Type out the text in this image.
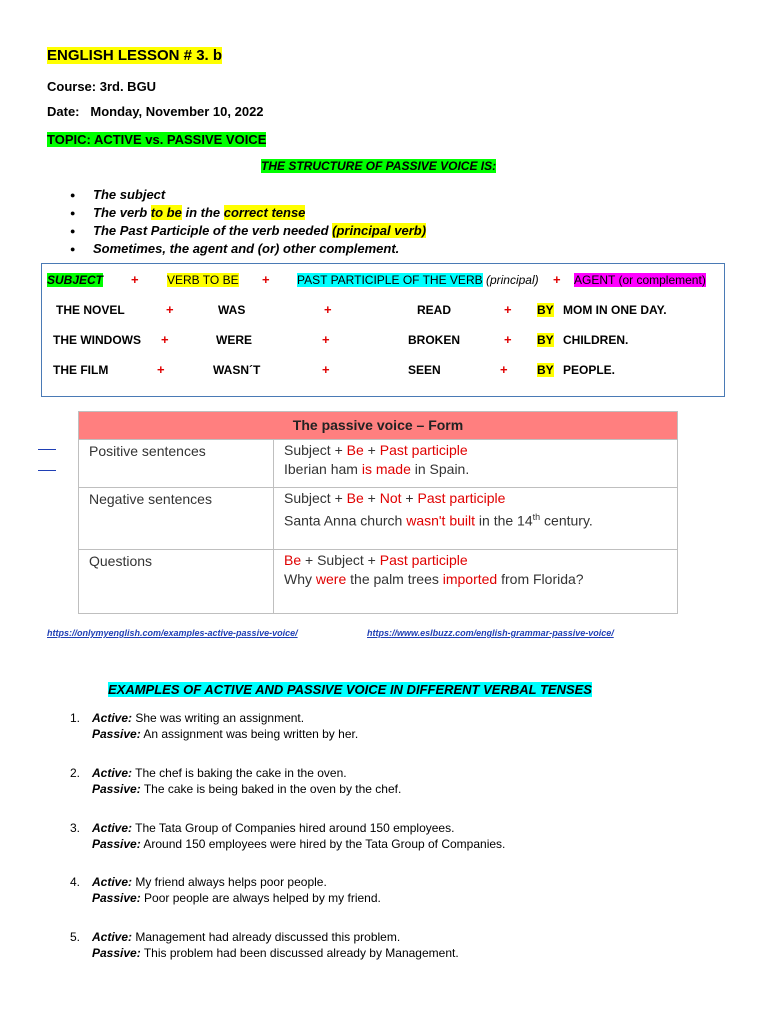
ENGLISH LESSON # 3. b
Course: 3rd. BGU
Date: Monday, November 10, 2022
TOPIC: ACTIVE vs. PASSIVE VOICE
THE STRUCTURE OF PASSIVE VOICE IS:
● The subject
● The verb to be in the correct tense
● The Past Participle of the verb needed (principal verb)
● Sometimes, the agent and (or) other complement.
SUBJECT + VERB TO BE + PAST PARTICIPLE OF THE VERB (principal) + AGENT (or complement)
THE NOVEL	+	WAS	+	READ	+ BY MOM IN ONE DAY.
THE WINDOWS +	WERE	+	BROKEN	+ BY CHILDREN.
THE FILM	+	WASN´T	+	SEEN	+ BY PEOPLE.
The passive voice – Form
Positive sentences	Subject + Be + Past participle
Iberian ham is made in Spain.
Negative sentences	Subject + Be + Not + Past participle
Santa Anna church wasn't built in the 14th century.
Questions	Be + Subject + Past participle
Why were the palm trees imported from Florida?
https://onlymyenglish.com/examples-active-passive-voice/	https://www.eslbuzz.com/english-grammar-passive-voice/
EXAMPLES OF ACTIVE AND PASSIVE VOICE IN DIFFERENT VERBAL TENSES
1. Active: She was writing an assignment.
Passive: An assignment was being written by her.
2. Active: The chef is baking the cake in the oven.
Passive: The cake is being baked in the oven by the chef.
3. Active: The Tata Group of Companies hired around 150 employees.
Passive: Around 150 employees were hired by the Tata Group of Companies.
4. Active: My friend always helps poor people.
Passive: Poor people are always helped by my friend.
5. Active: Management had already discussed this problem.
Passive: This problem had been discussed already by Management.
